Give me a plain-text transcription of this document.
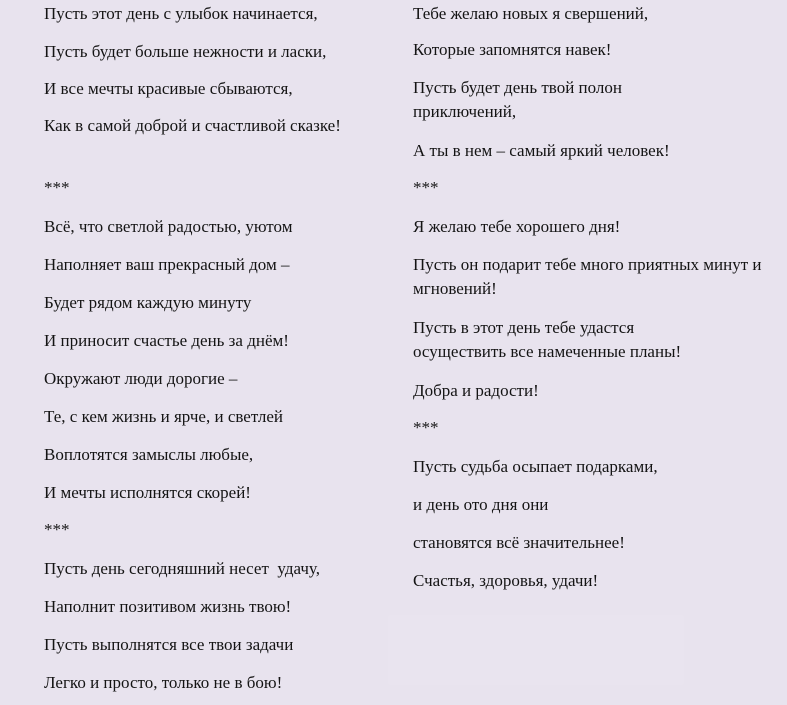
Пусть этот день с улыбок начинается,

Пусть будет больше нежности и ласки,

И все мечты красивые сбываются,

Как в самой доброй и счастливой сказке!

***

Всё, что светлой радостью, уютом

Наполняет ваш прекрасный дом –

Будет рядом каждую минуту

И приносит счастье день за днём!

Окружают люди дорогие –

Те, с кем жизнь и ярче, и светлей

Воплотятся замыслы любые,

И мечты исполнятся скорей!

***

Пусть день сегодняшний несет  удачу,

Наполнит позитивом жизнь твою!

Пусть выполнятся все твои задачи

Легко и просто, только не в бою!

Тебе желаю новых я свершений,

Которые запомнятся навек!

Пусть будет день твой полон приключений,

А ты в нем – самый яркий человек!

***

Я желаю тебе хорошего дня!

Пусть он подарит тебе много приятных минут и мгновений!

Пусть в этот день тебе удастся осуществить все намеченные планы!

Добра и радости!

***

Пусть судьба осыпает подарками,

и день ото дня они

становятся всё значительнее!

Счастья, здоровья, удачи!
